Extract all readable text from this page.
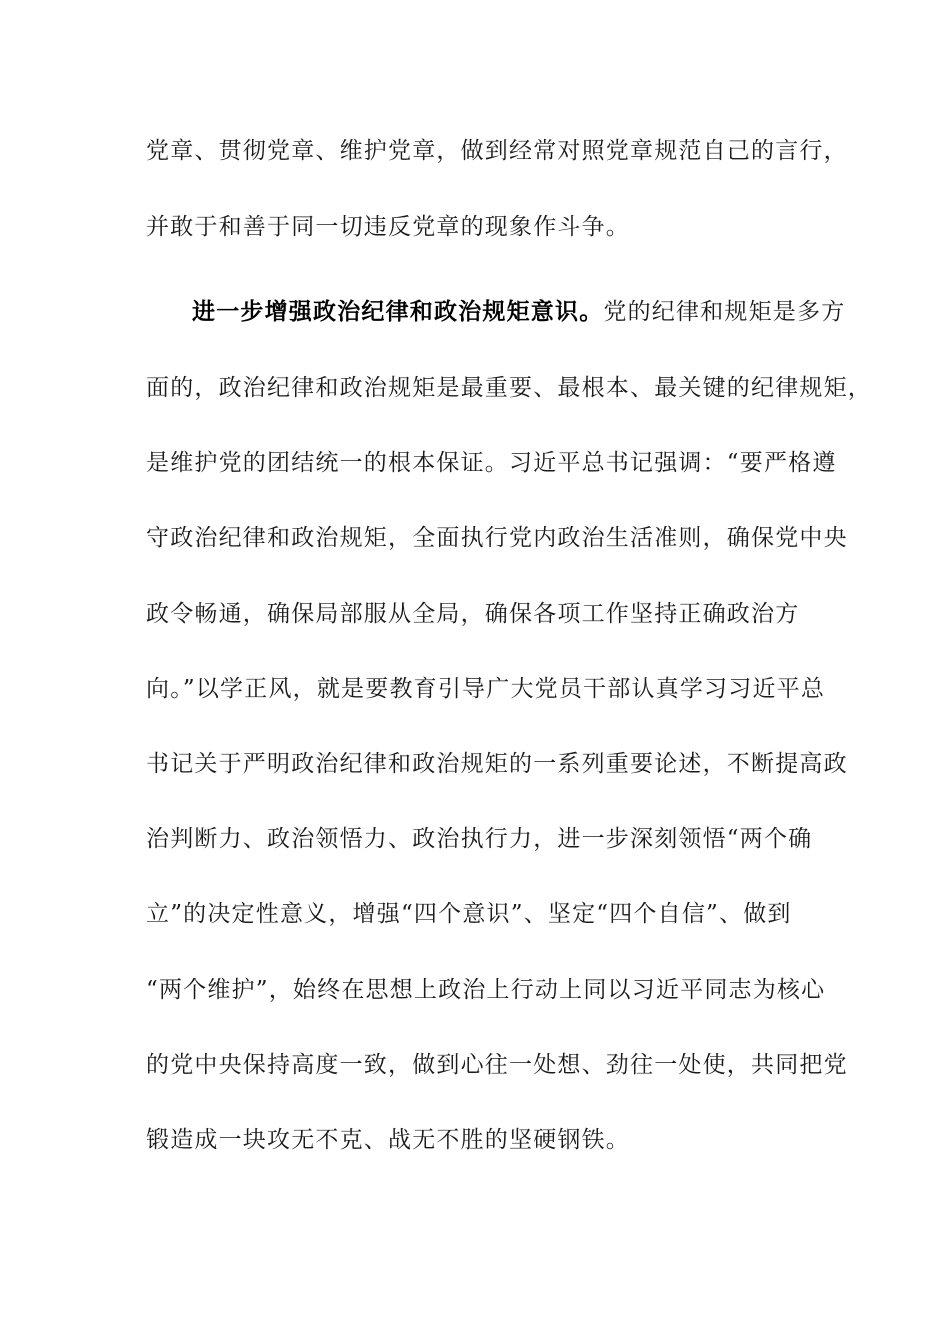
党章、贯彻党章、维护党章，做到经常对照党章规范自己的言行，
并敢于和善于同一切违反党章的现象作斗争。
进一步增强政治纪律和政治规矩意识。党的纪律和规矩是多方
面的，政治纪律和政治规矩是最重要、最根本、最关键的纪律规矩，
是维护党的团结统一的根本保证。习近平总书记强调：“要严格遵
守政治纪律和政治规矩，全面执行党内政治生活准则，确保党中央
政令畅通，确保局部服从全局，确保各项工作坚持正确政治方
向。”以学正风，就是要教育引导广大党员干部认真学习习近平总
书记关于严明政治纪律和政治规矩的一系列重要论述，不断提高政
治判断力、政治领悟力、政治执行力，进一步深刻领悟“两个确
立”的决定性意义，增强“四个意识”、坚定“四个自信”、做到
“两个维护”，始终在思想上政治上行动上同以习近平同志为核心
的党中央保持高度一致，做到心往一处想、劲往一处使，共同把党
锻造成一块攻无不克、战无不胜的坚硬钢铁。
